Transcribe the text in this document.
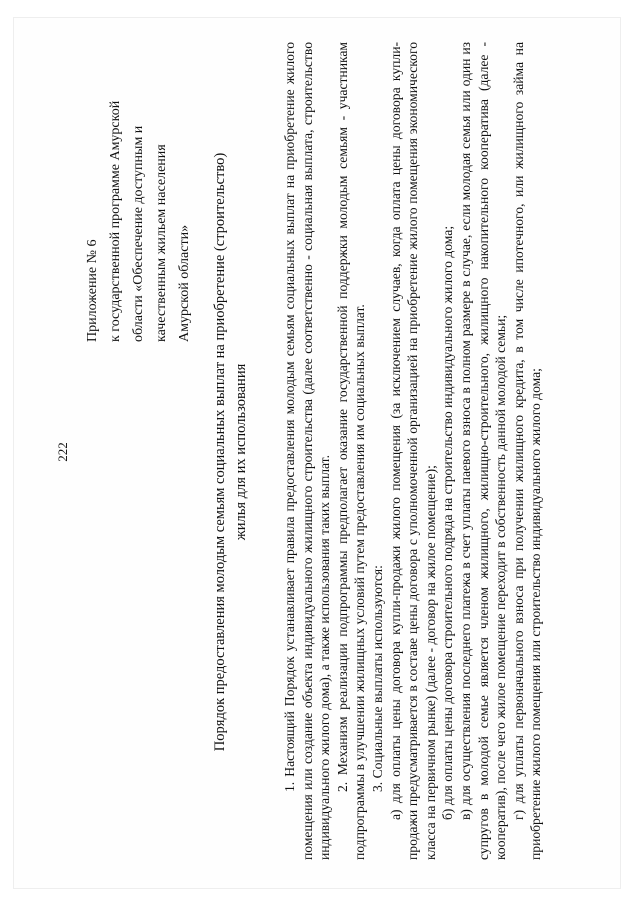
222
Приложение № 6 к государственной программе Амурской области «Обеспечение доступным и качественным жильем населения Амурской области» Порядок предоставления молодым семьям социальных выплат на приобретение (строительство) жилья для их использования 1. Настоящий Порядок устанавливает правила предоставления молодым семьям социальных выплат на приобретение жилого помещения или создание объекта индивидуального жилищного строительства (далее соответственно - социальная выплата, строительство индивидуального жилого дома), а также использования таких выплат. 2. Механизм реализации подпрограммы предполагает оказание государственной поддержки молодым семьям - участникам подпрограммы в улучшении жилищных условий путем предоставления им социальных выплат. 3. Социальные выплаты используются: а) для оплаты цены договора купли-продажи жилого помещения (за исключением случаев, когда оплата цены договора купли-продажи предусматривается в составе цены договора с уполномоченной организацией на приобретение жилого помещения экономического класса на первичном рынке) (далее - договор на жилое помещение); б) для оплаты цены договора строительного подряда на строительство индивидуального жилого дома; в) для осуществления последнего платежа в счет уплаты паевого взноса в полном размере в случае, если молодая семья или один из супругов в молодой семье является членом жилищного, жилищно-строительного, жилищного накопительного кооператива (далее - кооператив), после чего жилое помещение переходит в собственность данной молодой семьи; г) для уплаты первоначального взноса при получении жилищного кредита, в том числе ипотечного, или жилищного займа на приобретение жилого помещения или строительство индивидуального жилого дома;
